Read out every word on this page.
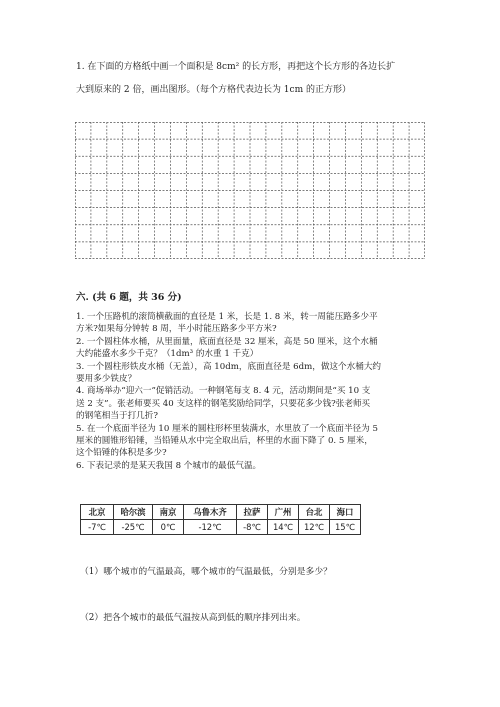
1. 在下面的方格纸中画一个面积是 8cm² 的长方形，再把这个长方形的各边长扩
大到原来的 2 倍，画出图形。（每个方格代表边长为 1cm 的正方形）
六. (共 6 题，共 36 分)
1. 一个压路机的滚筒横截面的直径是 1 米，长是 1. 8 米，转一周能压路多少平
方米?如果每分钟转 8 周，半小时能压路多少平方米?
2. 一个圆柱体水桶，从里面量，底面直径是 32 厘米，高是 50 厘米，这个水桶
大约能盛水多少千克？（1dm³ 的水重 1 千克）
3. 一个圆柱形铁皮水桶（无盖），高 10dm，底面直径是 6dm，做这个水桶大约
要用多少铁皮？
4. 商场举办“迎六一”促销活动。一种钢笔每支 8. 4 元，活动期间是“买 10 支
送 2 支”。张老师要买 40 支这样的钢笔奖励给同学，只要花多少钱?张老师买
的钢笔相当于打几折?
5. 在一个底面半径为 10 厘米的圆柱形杯里装满水，水里放了一个底面半径为 5
厘米的圆锥形铅锤，当铅锤从水中完全取出后，杯里的水面下降了 0. 5 厘米，
这个铅锤的体积是多少?
6. 下表记录的是某天我国 8 个城市的最低气温。
北京	哈尔滨	南京	乌鲁木齐	拉萨	广州	台北	海口
-7℃	-25℃	0℃	-12℃	-8℃	14℃	12℃	15℃
（1）哪个城市的气温最高，哪个城市的气温最低，分别是多少？
（2）把各个城市的最低气温按从高到低的顺序排列出来。
